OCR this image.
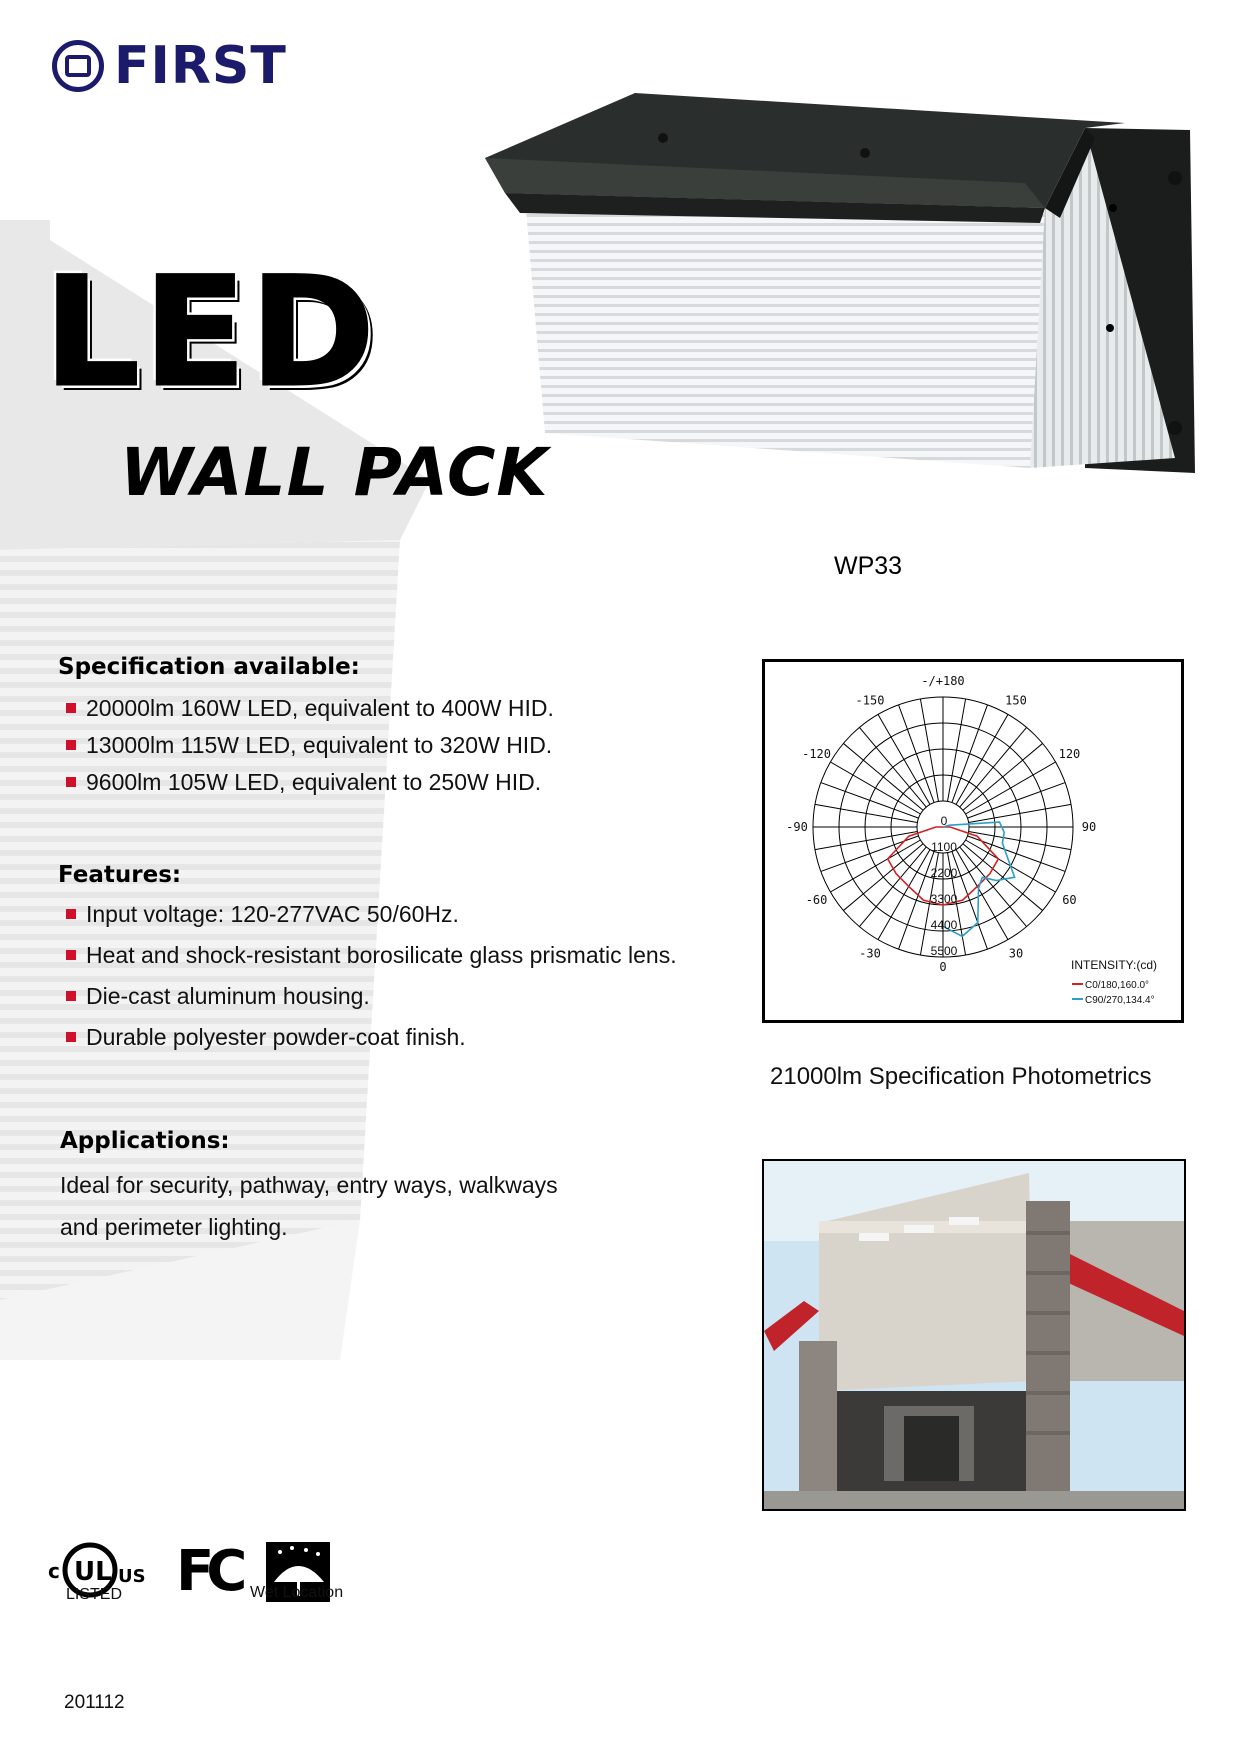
FIRST
LED
WALL PACK
WP33
Specification available:
20000lm 160W LED, equivalent to 400W HID.
13000lm 115W LED, equivalent to 320W HID.
9600lm 105W LED, equivalent to 250W HID.
Features:
Input voltage: 120-277VAC 50/60Hz.
Heat and shock-resistant borosilicate glass prismatic lens.
Die-cast aluminum housing.
Durable polyester powder-coat finish.
Applications:
Ideal for security, pathway, entry ways, walkways
and perimeter lighting.
-/+180
150
120
90
60
30
0
-30
-60
-90
-120
-150
0
1100
2200
3300
4400
5500
INTENSITY:(cd)
C0/180,160.0°
C90/270,134.4°
21000lm Specification Photometrics
c UL US FC
LISTED	Wet Location
201112
